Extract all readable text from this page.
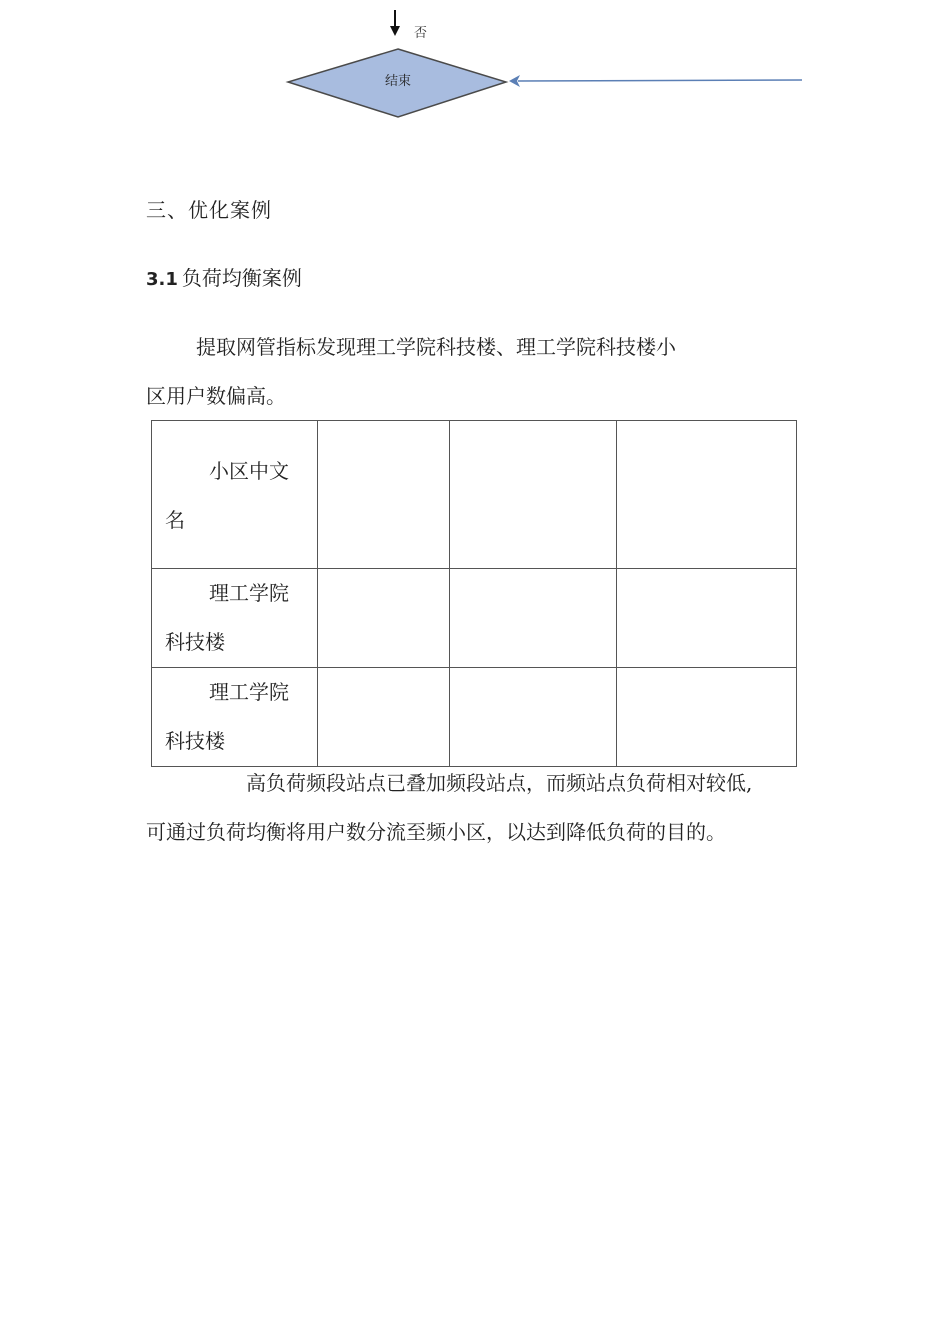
否
结束
三、优化案例
3.1 负荷均衡案例
提取网管指标发现理工学院科技楼、理工学院科技楼小
区用户数偏高。
小区中文
名			

理工学院
科技楼			

理工学院
科技楼			

高负荷频段站点已叠加频段站点，而频站点负荷相对较低,
可通过负荷均衡将用户数分流至频小区，以达到降低负荷的目的。
